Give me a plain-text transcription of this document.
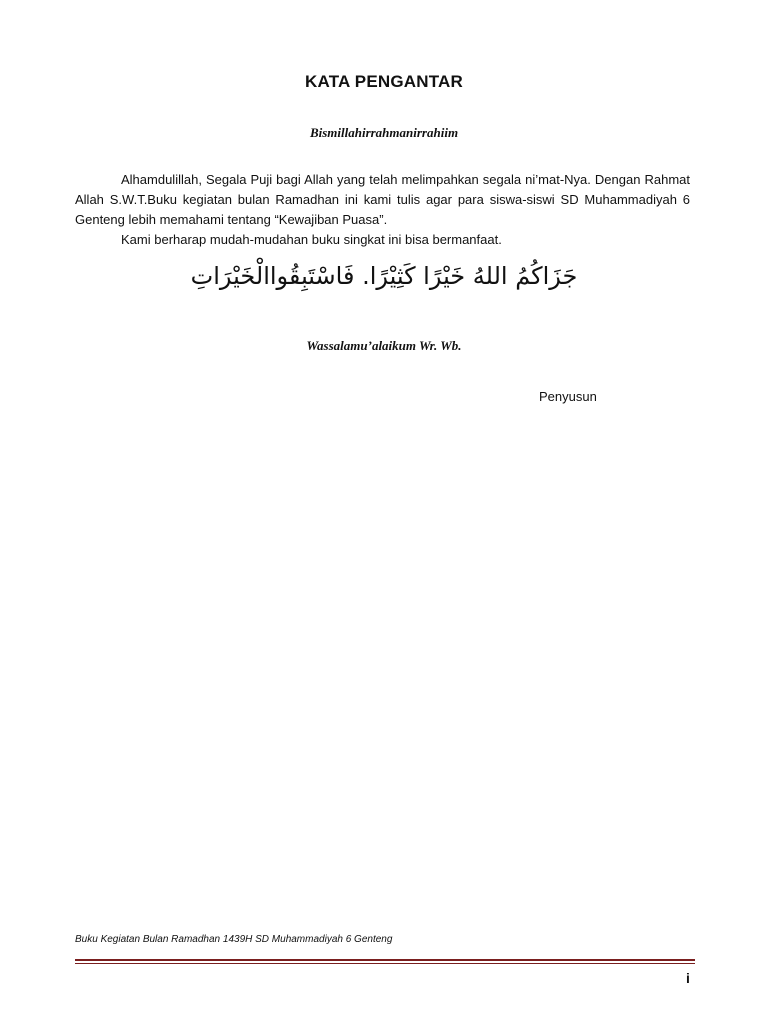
KATA PENGANTAR
Bismillahirrahmanirrahiim

Alhamdulillah, Segala Puji bagi Allah yang telah melimpahkan segala ni’mat-Nya. Dengan Rahmat Allah S.W.T.Buku kegiatan bulan Ramadhan ini kami tulis agar para siswa-siswi SD Muhammadiyah 6 Genteng lebih memahami tentang “Kewajiban Puasa”.

Kami berharap mudah-mudahan buku singkat ini bisa bermanfaat.

جَزَاكُمُ اللهُ خَيْرًا كَثِيْرًا. فَاسْتَبِقُواالْخَيْرَاتِ
Wassalamu’alaikum Wr. Wb.
Penyusun
Buku Kegiatan Bulan Ramadhan 1439H SD Muhammadiyah 6 Genteng
i
